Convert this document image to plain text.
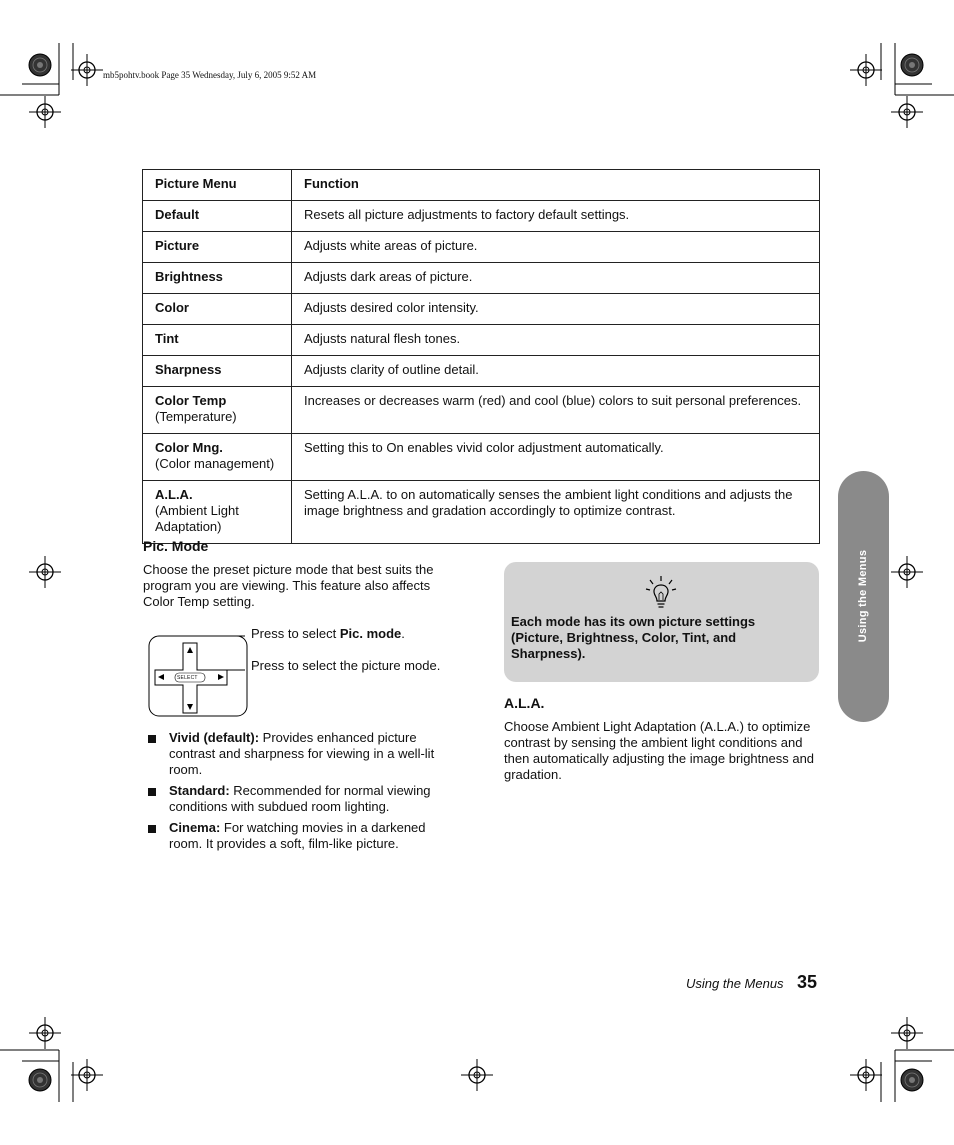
mb5pohtv.book Page 35 Wednesday, July 6, 2005 9:52 AM
Picture Menu	Function
Default	Resets all picture adjustments to factory default settings.
Picture	Adjusts white areas of picture.
Brightness	Adjusts dark areas of picture.
Color	Adjusts desired color intensity.
Tint	Adjusts natural flesh tones.
Sharpness	Adjusts clarity of outline detail.
Color Temp
(Temperature)	Increases or decreases warm (red) and cool (blue) colors to suit personal preferences.
Color Mng.
(Color management)	Setting this to On enables vivid color adjustment automatically.
A.L.A.
(Ambient Light Adaptation)	Setting A.L.A. to on automatically senses the ambient light conditions and adjusts the image brightness and gradation accordingly to optimize contrast.
Pic. Mode
Choose the preset picture mode that best suits the program you are viewing. This feature also affects Color Temp setting.
SELECT
Press to select Pic. mode.
Press to select the picture mode.
Vivid (default): Provides enhanced picture contrast and sharpness for viewing in a well-lit room.
Standard: Recommended for normal viewing conditions with subdued room lighting.
Cinema: For watching movies in a darkened room. It provides a soft, film-like picture.
Each mode has its own picture settings (Picture, Brightness, Color, Tint, and Sharpness).
A.L.A.
Choose Ambient Light Adaptation (A.L.A.) to optimize contrast by sensing the ambient light conditions and then automatically adjusting the image brightness and gradation.
Using the Menus
Using the Menus 35
